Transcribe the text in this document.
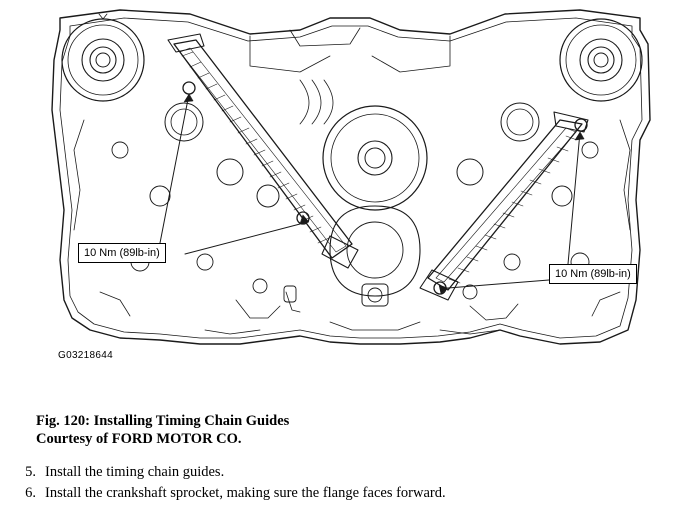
10 Nm (89lb-in)
10 Nm (89lb-in)
G03218644
Fig. 120: Installing Timing Chain Guides
Courtesy of FORD MOTOR CO.
5. Install the timing chain guides.
6. Install the crankshaft sprocket, making sure the flange faces forward.
